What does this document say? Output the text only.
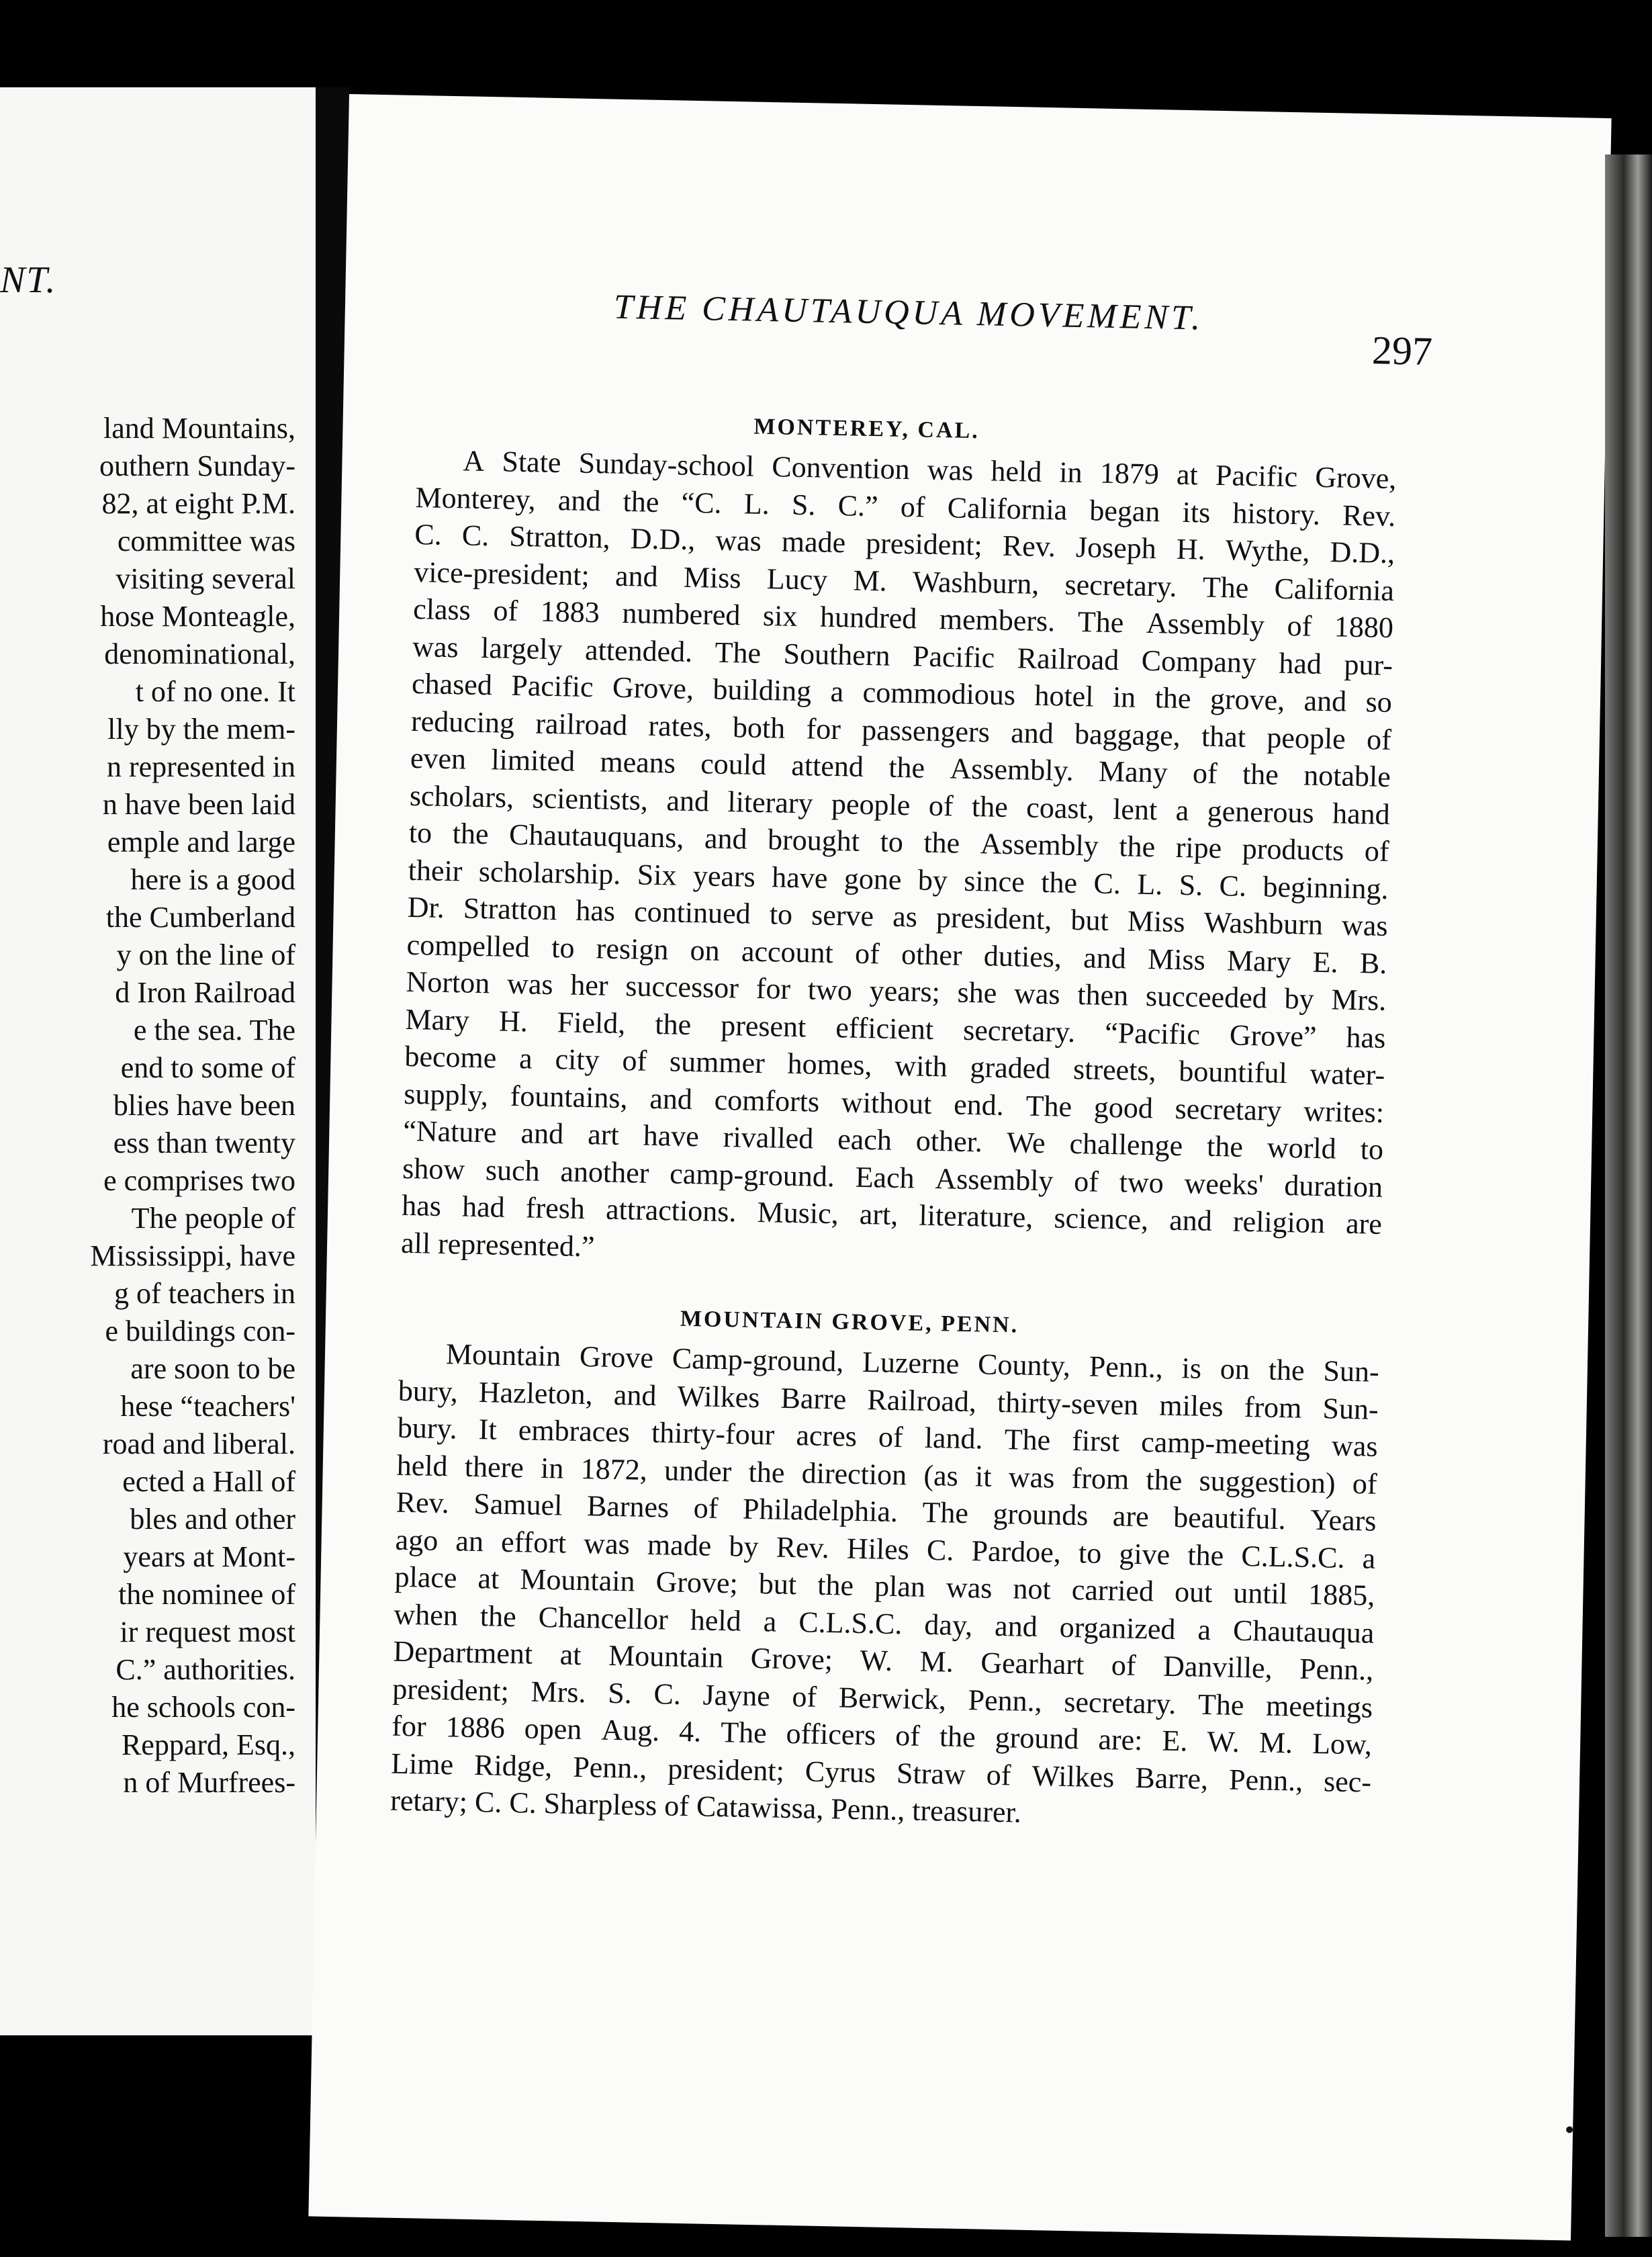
NT.
land Mountains,
outhern Sunday-
82, at eight P.M.
committee was
visiting several
hose Monteagle,
denominational,
t of no one. It
lly by the mem-
n represented in
n have been laid
emple and large
here is a good
the Cumberland
y on the line of
d Iron Railroad
e the sea. The
end to some of
blies have been
ess than twenty
e comprises two
The people of
Mississippi, have
g of teachers in
e buildings con-
are soon to be
hese “teachers'
road and liberal.
ected a Hall of
bles and other
years at Mont-
the nominee of
ir request most
C.” authorities.
he schools con-
Reppard, Esq.,
n of Murfrees-
THE CHAUTAUQUA MOVEMENT.
297
MONTEREY, CAL.
A State Sunday-school Convention was held in 1879 at Pacific Grove,
Monterey, and the “C. L. S. C.” of California began its history. Rev.
C. C. Stratton, D.D., was made president; Rev. Joseph H. Wythe, D.D.,
vice-president; and Miss Lucy M. Washburn, secretary. The California
class of 1883 numbered six hundred members. The Assembly of 1880
was largely attended. The Southern Pacific Railroad Company had pur-
chased Pacific Grove, building a commodious hotel in the grove, and so
reducing railroad rates, both for passengers and baggage, that people of
even limited means could attend the Assembly. Many of the notable
scholars, scientists, and literary people of the coast, lent a generous hand
to the Chautauquans, and brought to the Assembly the ripe products of
their scholarship. Six years have gone by since the C. L. S. C. beginning.
Dr. Stratton has continued to serve as president, but Miss Washburn was
compelled to resign on account of other duties, and Miss Mary E. B.
Norton was her successor for two years; she was then succeeded by Mrs.
Mary H. Field, the present efficient secretary. “Pacific Grove” has
become a city of summer homes, with graded streets, bountiful water-
supply, fountains, and comforts without end. The good secretary writes:
“Nature and art have rivalled each other. We challenge the world to
show such another camp-ground. Each Assembly of two weeks' duration
has had fresh attractions. Music, art, literature, science, and religion are
all represented.”
MOUNTAIN GROVE, PENN.
Mountain Grove Camp-ground, Luzerne County, Penn., is on the Sun-
bury, Hazleton, and Wilkes Barre Railroad, thirty-seven miles from Sun-
bury. It embraces thirty-four acres of land. The first camp-meeting was
held there in 1872, under the direction (as it was from the suggestion) of
Rev. Samuel Barnes of Philadelphia. The grounds are beautiful. Years
ago an effort was made by Rev. Hiles C. Pardoe, to give the C.L.S.C. a
place at Mountain Grove; but the plan was not carried out until 1885,
when the Chancellor held a C.L.S.C. day, and organized a Chautauqua
Department at Mountain Grove; W. M. Gearhart of Danville, Penn.,
president; Mrs. S. C. Jayne of Berwick, Penn., secretary. The meetings
for 1886 open Aug. 4. The officers of the ground are: E. W. M. Low,
Lime Ridge, Penn., president; Cyrus Straw of Wilkes Barre, Penn., sec-
retary; C. C. Sharpless of Catawissa, Penn., treasurer.
